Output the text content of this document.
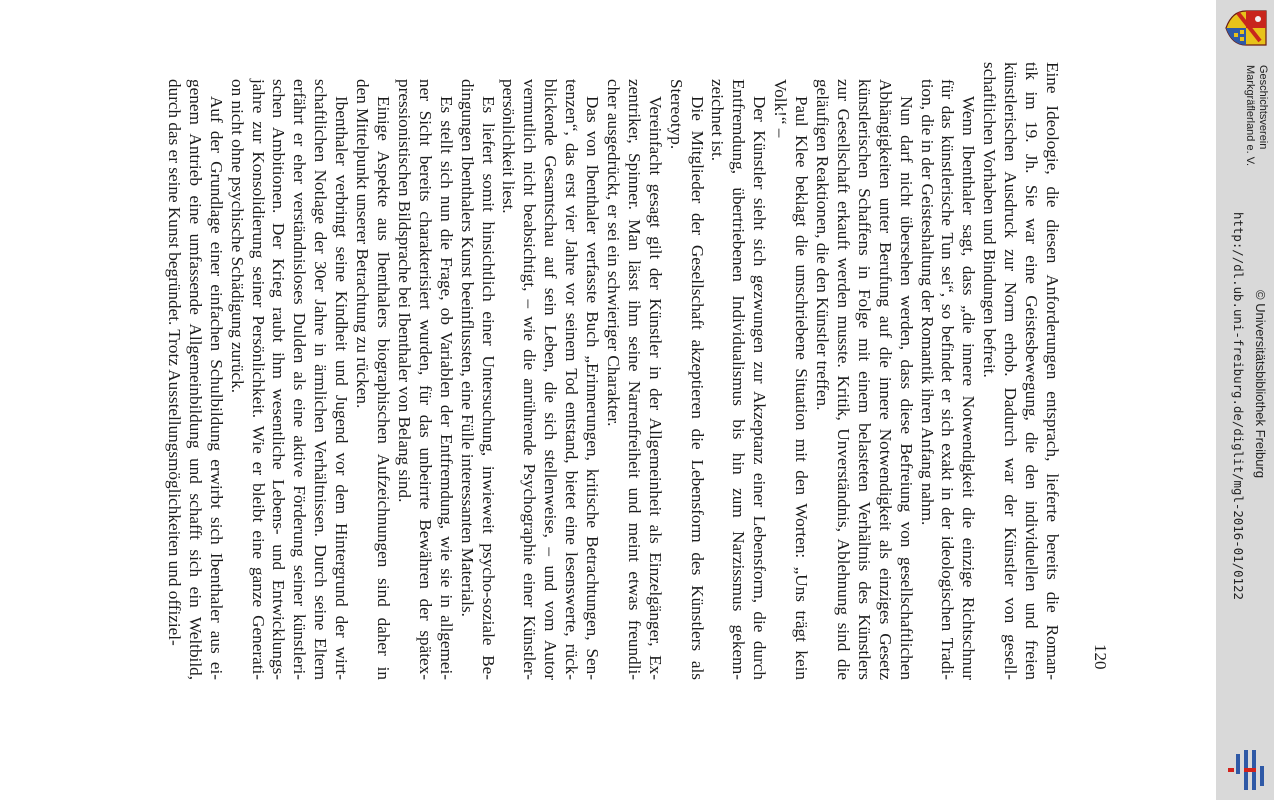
Eine Ideologie, die diesen Anforderungen entsprach, lieferte bereits die Roman-
tik im 19. Jh. Sie war eine Geistesbewegung, die den individuellen und freien
künstlerischen Ausdruck zur Norm erhob. Dadurch war der Künstler von gesell-
schaftlichen Vorhaben und Bindungen befreit.

Wenn Ibenthaler sagt, dass „die innere Notwendigkeit die einzige Richtschnur
für das künstlerische Tun sei“, so befindet er sich exakt in der ideologischen Tradi-
tion, die in der Geisteshaltung der Romantik ihren Anfang nahm.

Nun darf nicht übersehen werden, dass diese Befreiung von gesellschaftlichen
Abhängigkeiten unter Berufung auf die innere Notwendigkeit als einziges Gesetz
künstlerischen Schaffens in Folge mit einem belasteten Verhältnis des Künstlers
zur Gesellschaft erkauft werden musste. Kritik, Unverständnis, Ablehnung sind die
geläufigen Reaktionen, die den Künstler treffen.

Paul Klee beklagt die umschriebene Situation mit den Worten: „Uns trägt kein
Volk!“ –

Der Künstler sieht sich gezwungen zur Akzeptanz einer Lebensform, die durch
Entfremdung, übertriebenen Individualismus bis hin zum Narzissmus gekenn-
zeichnet ist.

Die Mitglieder der Gesellschaft akzeptieren die Lebensform des Künstlers als
Stereotyp.

Vereinfacht gesagt gilt der Künstler in der Allgemeinheit als Einzelgänger, Ex-
zentriker, Spinner. Man lässt ihm seine Narrenfreiheit und meint etwas freundli-
cher ausgedrückt, er sei ein schwieriger Charakter.

Das von Ibenthaler verfasste Buch „Erinnerungen, kritische Betrachtungen, Sen-
tenzen“, das erst vier Jahre vor seinem Tod entstand, bietet eine lesenswerte, rück-
blickende Gesamtschau auf sein Leben, die sich stellenweise, – und vom Autor
vermutlich nicht beabsichtigt, – wie die anrührende Psychographie einer Künstler-
persönlichkeit liest.

Es liefert somit hinsichtlich einer Untersuchung, inwieweit psycho-soziale Be-
dingungen Ibenthalers Kunst beeinflussten, eine Fülle interessanten Materials.

Es stellt sich nun die Frage, ob Variablen der Entfremdung, wie sie in allgemei-
ner Sicht bereits charakterisiert wurden, für das unbeirrte Bewähren der spätex-
pressionistischen Bildsprache bei Ibenthaler von Belang sind.

Einige Aspekte aus Ibenthalers biographischen Aufzeichnungen sind daher in
den Mittelpunkt unserer Betrachtung zu rücken.

Ibenthaler verbringt seine Kindheit und Jugend vor dem Hintergrund der wirt-
schaftlichen Notlage der 30er Jahre in ärmlichen Verhältnissen. Durch seine Eltern
erfährt er eher verständnisloses Dulden als eine aktive Förderung seiner künstleri-
schen Ambitionen. Der Krieg raubt ihm wesentliche Lebens- und Entwicklungs-
jahre zur Konsolidierung seiner Persönlichkeit. Wie er bleibt eine ganze Generati-
on nicht ohne psychische Schädigung zurück.

Auf der Grundlage einer einfachen Schulbildung erwirbt sich Ibenthaler aus ei-
genem Antrieb eine umfassende Allgemeinbildung und schafft sich ein Weltbild,
durch das er seine Kunst begründet. Trotz Ausstellungsmöglichkeiten und offiziel-

120
Geschichtsverein
Markgräflerland e. V.
http://dl.ub.uni-freiburg.de/diglit/mgl-2016-01/0122 © Universitätsbibliothek Freiburg
